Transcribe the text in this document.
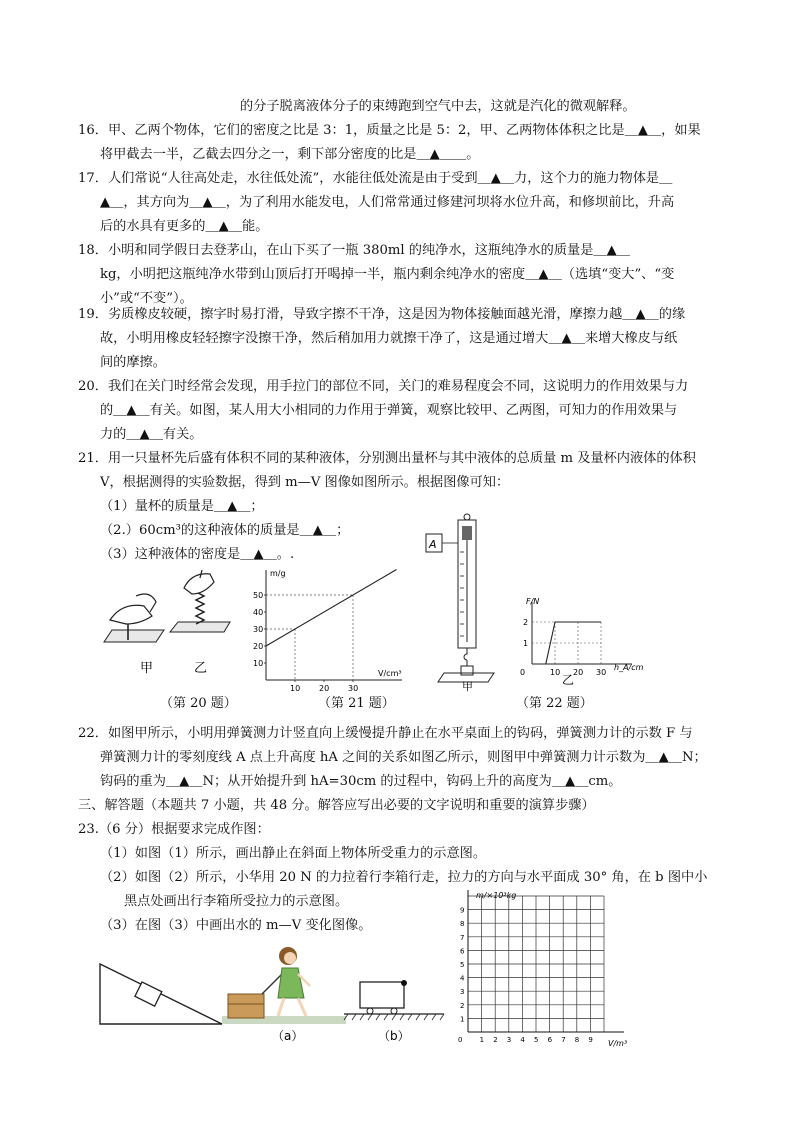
的分子脱离液体分子的束缚跑到空气中去，这就是汽化的微观解释。
16．甲、乙两个物体，它们的密度之比是 3：1，质量之比是 5：2，甲、乙两物体体积之比是＿▲＿，如果
将甲截去一半，乙截去四分之一，剩下部分密度的比是＿▲＿＿。
17．人们常说“人往高处走，水往低处流”，水能往低处流是由于受到＿▲＿力，这个力的施力物体是＿
▲＿，其方向为＿▲＿，为了利用水能发电，人们常常通过修建河坝将水位升高，和修坝前比，升高
后的水具有更多的＿▲＿能。
18．小明和同学假日去登茅山，在山下买了一瓶 380ml 的纯净水，这瓶纯净水的质量是＿▲＿
kg，小明把这瓶纯净水带到山顶后打开喝掉一半，瓶内剩余纯净水的密度＿▲＿（选填“变大”、“变
小”或“不变”）。
19．劣质橡皮较硬，擦字时易打滑，导致字擦不干净，这是因为物体接触面越光滑，摩擦力越＿▲＿的缘
故，小明用橡皮轻轻擦字没擦干净，然后稍加用力就擦干净了，这是通过增大＿▲＿来增大橡皮与纸
间的摩擦。
20．我们在关门时经常会发现，用手拉门的部位不同，关门的难易程度会不同，这说明力的作用效果与力
的＿▲＿有关。如图，某人用大小相同的力作用于弹簧，观察比较甲、乙两图，可知力的作用效果与
力的＿▲＿有关。
21．用一只量杯先后盛有体积不同的某种液体，分别测出量杯与其中液体的总质量 m 及量杯内液体的体积
V，根据测得的实验数据，得到 m—V 图像如图所示。根据图像可知：
（1）量杯的质量是＿▲＿；
（2.）60cm³的这种液体的质量是＿▲＿；
（3）这种液体的密度是＿▲＿。.
甲	乙
（第 20 题）
m/g
V/cm³
10
20
30
40
50
10 20 30
（第 21 题）
A
甲
F/N
h_A/cm
1
2
0	10 20 30
乙
（第 22 题）
22．如图甲所示，小明用弹簧测力计竖直向上缓慢提升静止在水平桌面上的钩码，弹簧测力计的示数 F 与
弹簧测力计的零刻度线 A 点上升高度 hA 之间的关系如图乙所示，则图甲中弹簧测力计示数为＿▲＿N；
钩码的重为＿▲＿N；从开始提升到 hA=30cm 的过程中，钩码上升的高度为＿▲＿cm。
三、解答题（本题共 7 小题，共 48 分。解答应写出必要的文字说明和重要的演算步骤）
23.（6 分）根据要求完成作图：
（1）如图（1）所示，画出静止在斜面上物体所受重力的示意图。
（2）如图（2）所示，小华用 20 N 的力拉着行李箱行走，拉力的方向与水平面成 30° 角，在 b 图中小
黑点处画出行李箱所受拉力的示意图。
（3）在图（3）中画出水的 m—V 变化图像。
（a）	（b）
m/×10³kg
V/m³
1
2
3
4
5
6
7
8
9
0 1 2 3 4 5 6 7 8 9
